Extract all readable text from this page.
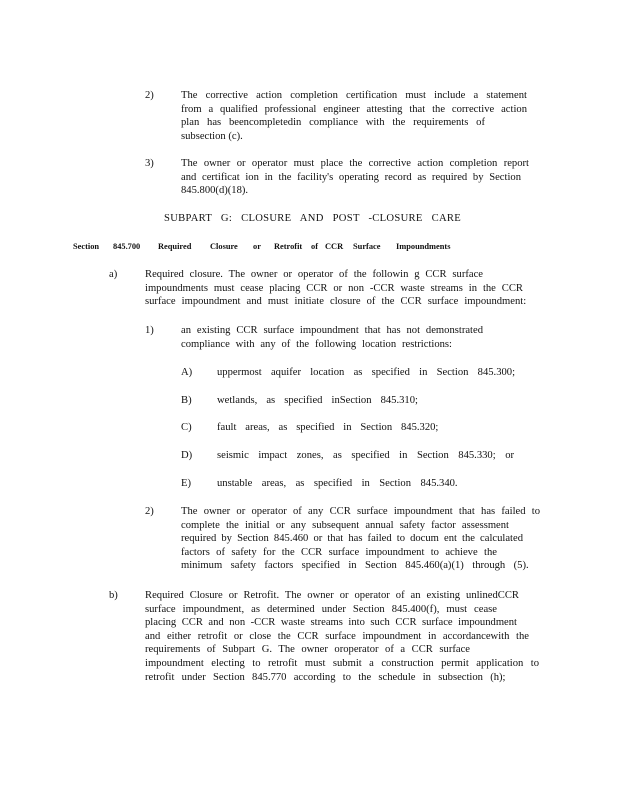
2)	The corrective action completion certification must include a statement
from a qualified professional engineer attesting that the corrective action
plan has beencompletedin compliance with the requirements of
subsection (c).
3)	The owner or operator must place the corrective action completion report
and certificat ion in the facility's operating record as required by Section
845.800(d)(18).
SUBPART G: CLOSURE AND POST -CLOSURE CARE
Section 845.700 Required Closure or Retrofit of CCR Surface Impoundments
a)	Required closure. The owner or operator of the followin g CCR surface
impoundments must cease placing CCR or non -CCR waste streams in the CCR
surface impoundment and must initiate closure of the CCR surface impoundment:
1)	an existing CCR surface impoundment that has not demonstrated
compliance with any of the following location restrictions:
A) uppermost aquifer location as specified in Section 845.300;
B) wetlands, as specified inSection 845.310;
C) fault areas, as specified in Section 845.320;
D) seismic impact zones, as specified in Section 845.330; or
E) unstable areas, as specified in Section 845.340.
2)	The owner or operator of any CCR surface impoundment that has failed to
complete the initial or any subsequent annual safety factor assessment
required by Section 845.460 or that has failed to docum ent the calculated
factors of safety for the CCR surface impoundment to achieve the
minimum safety factors specified in Section 845.460(a)(1) through (5).
b)	Required Closure or Retrofit. The owner or operator of an existing unlinedCCR
surface impoundment, as determined under Section 845.400(f), must cease
placing CCR and non -CCR waste streams into such CCR surface impoundment
and either retrofit or close the CCR surface impoundment in accordancewith the
requirements of Subpart G. The owner oroperator of a CCR surface
impoundment electing to retrofit must submit a construction permit application to
retrofit under Section 845.770 according to the schedule in subsection (h);
